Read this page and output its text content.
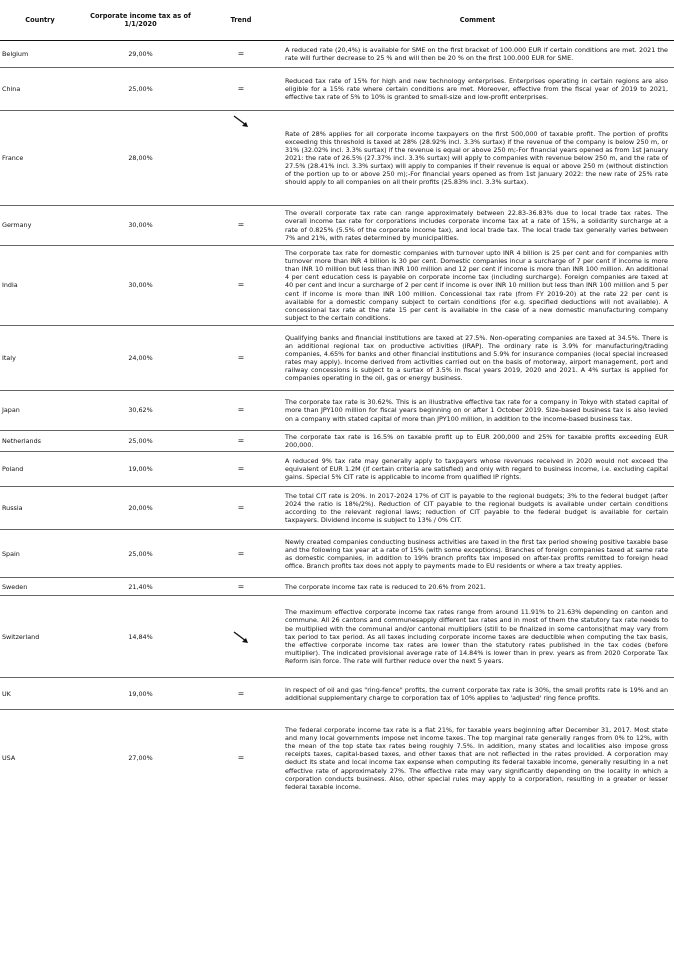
Country	Corporate income tax as of 1/1/2020	Trend	Comment
Belgium	29,00%	=	A reduced rate (20,4%) is available for SME on the first bracket of 100.000 EUR if certain conditions are met. 2021 the rate will further decrease to 25 % and will then be 20 % on the first 100.000 EUR for SME.
China	25,00%	=	Reduced tax rate of 15% for high and new technology enterprises. Enterprises operating in certain regions are also eligible for a 15% rate where certain conditions are met. Moreover, effective from the fiscal year of 2019 to 2021, effective tax rate of 5% to 10% is granted to small-size and low-profit enterprises.
France	28,00%		Rate of 28% applies for all corporate income taxpayers on the first 500,000 of taxable profit. The portion of profits exceeding this threshold is taxed at 28% (28.92% incl. 3.3% surtax) if the revenue of the company is below 250 m, or 31% (32.02% incl. 3.3% surtax) if the revenue is equal or above 250 m;-For financial years opened as from 1st January 2021: the rate of 26.5% (27.37% incl. 3.3% surtax) will apply to companies with revenue below 250 m, and the rate of 27.5% (28.41% incl. 3.3% surtax) will apply to companies if their revenue is equal or above 250 m (without distinction of the portion up to or above 250 m);-For financial years opened as from 1st January 2022: the new rate of 25% rate should apply to all companies on all their profits (25.83% incl. 3.3% surtax).
Germany	30,00%	=	The overall corporate tax rate can range approximately between 22.83-36.83% due to local trade tax rates. The overall income tax rate for corporations includes corporate income tax at a rate of 15%, a solidarity surcharge at a rate of 0.825% (5.5% of the corporate income tax), and local trade tax. The local trade tax generally varies between 7% and 21%, with rates determined by municipalities.
India	30,00%	=	The corporate tax rate for domestic companies with turnover upto INR 4 billion is 25 per cent and for companies with turnover more than INR 4 billion is 30 per cent. Domestic companies incur a surcharge of 7 per cent if income is more than INR 10 million but less than INR 100 million and 12 per cent if income is more than INR 100 million. An additional 4 per cent education cess is payable on corporate income tax (including surcharge). Foreign companies are taxed at 40 per cent and incur a surcharge of 2 per cent if income is over INR 10 million but less than INR 100 million and 5 per cent if income is more than INR 100 million. Concessional tax rate (from FY 2019-20) at the rate 22 per cent is available for a domestic company subject to certain conditions (for e.g. specified deductions will not available). A concessional tax rate at the rate 15 per cent is available in the case of a new domestic manufacturing company subject to the certain conditions.
Italy	24,00%	=	Qualifying banks and financial institutions are taxed at 27.5%. Non-operating companies are taxed at 34.5%. There is an additional regional tax on productive activities (IRAP). The ordinary rate is 3.9% for manufacturing/trading companies, 4.65% for banks and other financial institutions and 5.9% for insurance companies (local special increased rates may apply). Income derived from activities carried out on the basis of motorway, airport management, port and railway concessions is subject to a surtax of 3.5% in fiscal years 2019, 2020 and 2021. A 4% surtax is applied for companies operating in the oil, gas or energy business.
Japan	30,62%	=	The corporate tax rate is 30.62%. This is an illustrative effective tax rate for a company in Tokyo with stated capital of more than JPY100 million for fiscal years beginning on or after 1 October 2019. Size-based business tax is also levied on a company with stated capital of more than JPY100 million, in addition to the income-based business tax.
Netherlands	25,00%	=	The corporate tax rate is 16.5% on taxable profit up to EUR 200,000 and 25% for taxable profits exceeding EUR 200,000.
Poland	19,00%	=	A reduced 9% tax rate may generally apply to taxpayers whose revenues received in 2020 would not exceed the equivalent of EUR 1.2M (if certain criteria are satisfied) and only with regard to business income, i.e. excluding capital gains. Special 5% CIT rate is applicable to income from qualified IP rights.
Russia	20,00%	=	The total CIT rate is 20%. In 2017-2024 17% of CIT is payable to the regional budgets; 3% to the federal budget (after 2024 the ratio is 18%/2%). Reduction of CIT payable to the regional budgets is available under certain conditions according to the relevant regional laws; reduction of CIT payable to the federal budget is available for certain taxpayers. Dividend income is subject to 13% / 0% CIT.
Spain	25,00%	=	Newly created companies conducting business activities are taxed in the first tax period showing positive taxable base and the following tax year at a rate of 15% (with some exceptions). Branches of foreign companies taxed at same rate as domestic companies, in addition to 19% branch profits tax imposed on after-tax profits remitted to foreign head office. Branch profits tax does not apply to payments made to EU residents or where a tax treaty applies.
Sweden	21,40%	=	The corporate income tax rate is reduced to 20.6% from 2021.
Switzerland	14,84%		The maximum effective corporate income tax rates range from around 11.91% to 21.63% depending on canton and commune. All 26 cantons and communesapply different tax rates and in most of them the statutory tax rate needs to be multiplied with the communal and/or cantonal multipliers (still to be finalized in some cantons)that may vary from tax period to tax period. As all taxes including corporate income taxes are deductible when computing the tax basis, the effective corporate income tax rates are lower than the statutory rates published in the tax codes (before multiplier). The indicated provisional average rate of 14.84% is lower than in prev. years as from 2020 Corporate Tax Reform isin force. The rate will further reduce over the next 5 years.
UK	19,00%	=	In respect of oil and gas "ring-fence" profits, the current corporate tax rate is 30%, the small profits rate is 19% and an additional supplementary charge to corporation tax of 10% applies to 'adjusted' ring fence profits.
USA	27,00%	=	The federal corporate income tax rate is a flat 21%, for taxable years beginning after December 31, 2017. Most state and many local governments impose net income taxes. The top marginal rate generally ranges from 0% to 12%, with the mean of the top state tax rates being roughly 7.5%. In addition, many states and localities also impose gross receipts taxes, capital-based taxes, and other taxes that are not reflected in the rates provided. A corporation may deduct its state and local income tax expense when computing its federal taxable income, generally resulting in a net effective rate of approximately 27%. The effective rate may vary significantly depending on the locality in which a corporation conducts business. Also, other special rules may apply to a corporation, resulting in a greater or lesser federal taxable income.
